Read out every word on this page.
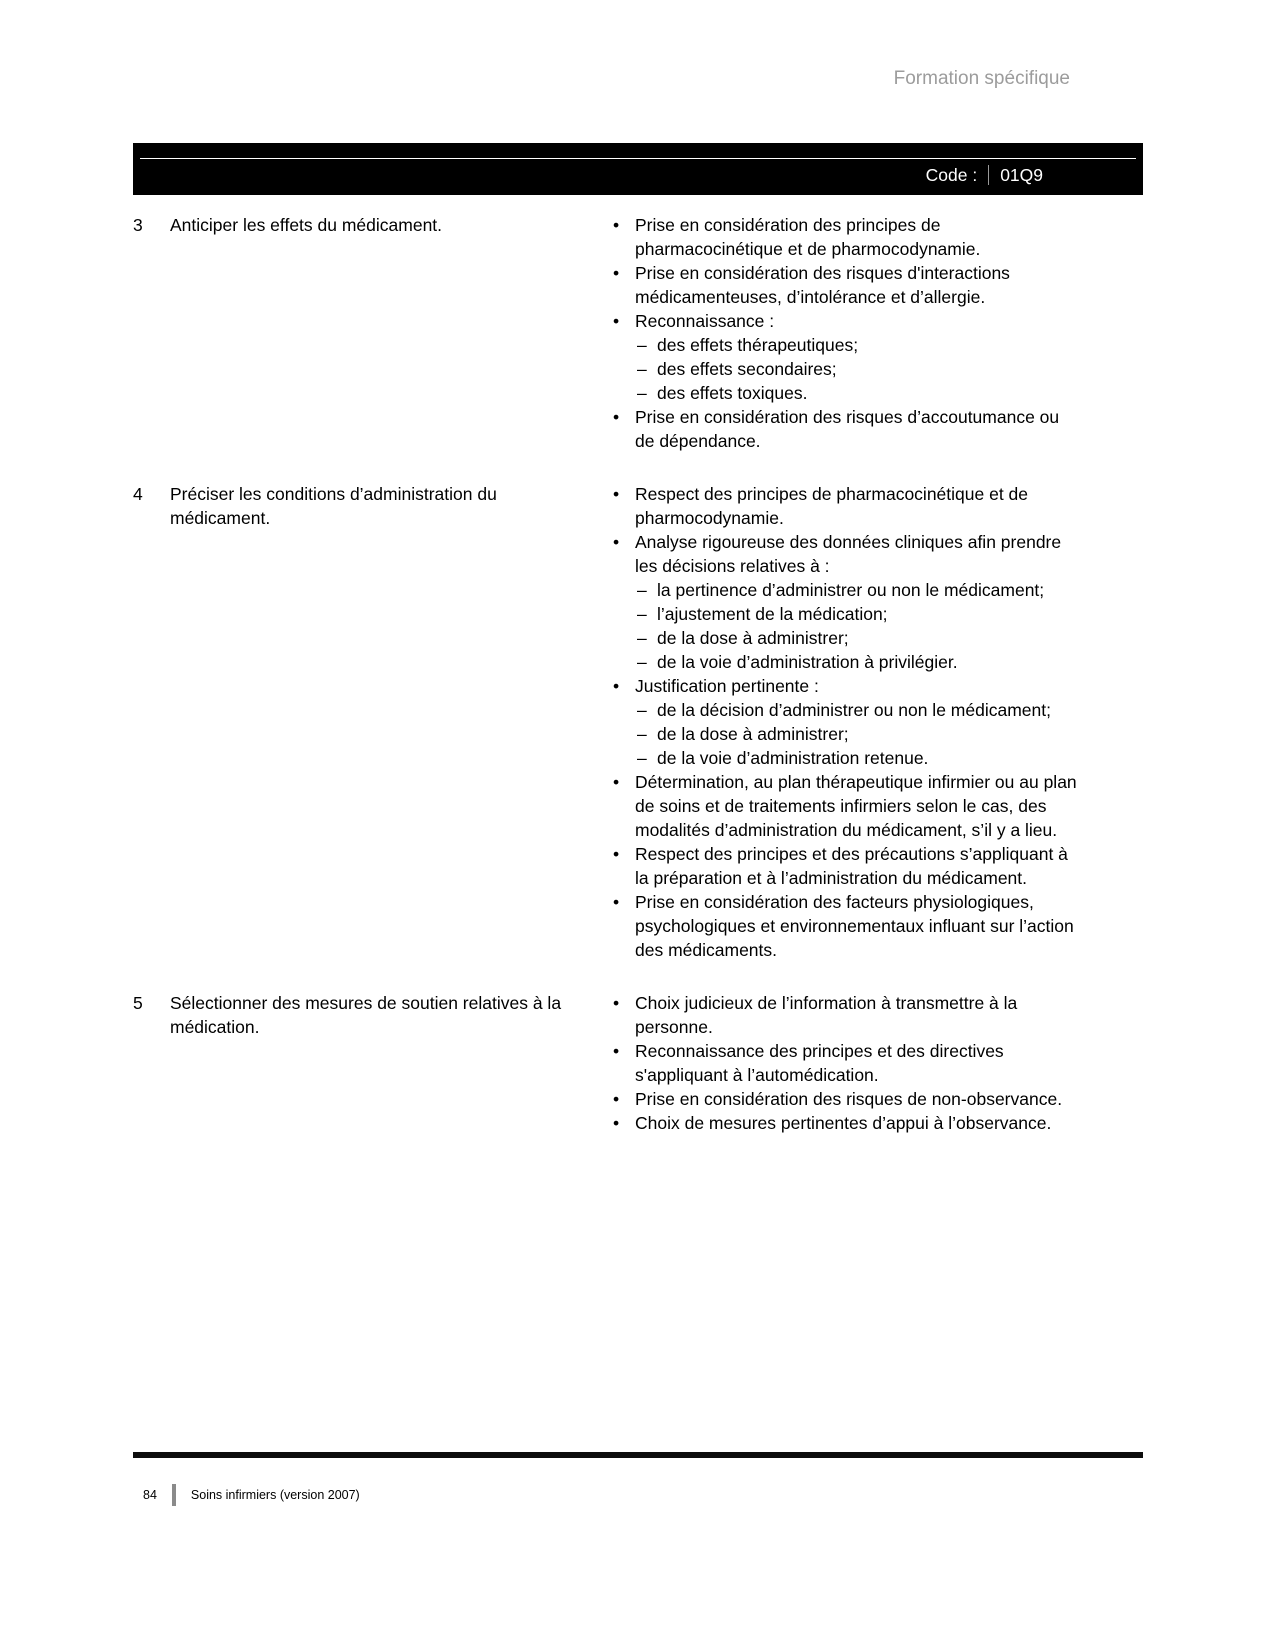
Formation spécifique
Code : 01Q9
3	Anticiper les effets du médicament.	• Prise en considération des principes de pharmacocinétique et de pharmocodynamie.
• Prise en considération des risques d'interactions médicamenteuses, d’intolérance et d’allergie.
• Reconnaissance :
– des effets thérapeutiques;
– des effets secondaires;
– des effets toxiques.
• Prise en considération des risques d’accoutumance ou de dépendance.
4	Préciser les conditions d’administration du médicament.
• Respect des principes de pharmacocinétique et de pharmocodynamie.
• Analyse rigoureuse des données cliniques afin prendre les décisions relatives à :
– la pertinence d’administrer ou non le médicament;
– l’ajustement de la médication;
– de la dose à administrer;
– de la voie d’administration à privilégier.
• Justification pertinente :
– de la décision d’administrer ou non le médicament;
– de la dose à administrer;
– de la voie d’administration retenue.
• Détermination, au plan thérapeutique infirmier ou au plan de soins et de traitements infirmiers selon le cas, des modalités d’administration du médicament, s’il y a lieu.
• Respect des principes et des précautions s’appliquant à la préparation et à l’administration du médicament.
• Prise en considération des facteurs physiologiques, psychologiques et environnementaux influant sur l’action des médicaments.
5	Sélectionner des mesures de soutien relatives à la médication.
• Choix judicieux de l’information à transmettre à la personne.
• Reconnaissance des principes et des directives s'appliquant à l’automédication.
• Prise en considération des risques de non-observance.
• Choix de mesures pertinentes d’appui à l’observance.
84	Soins infirmiers (version 2007)
